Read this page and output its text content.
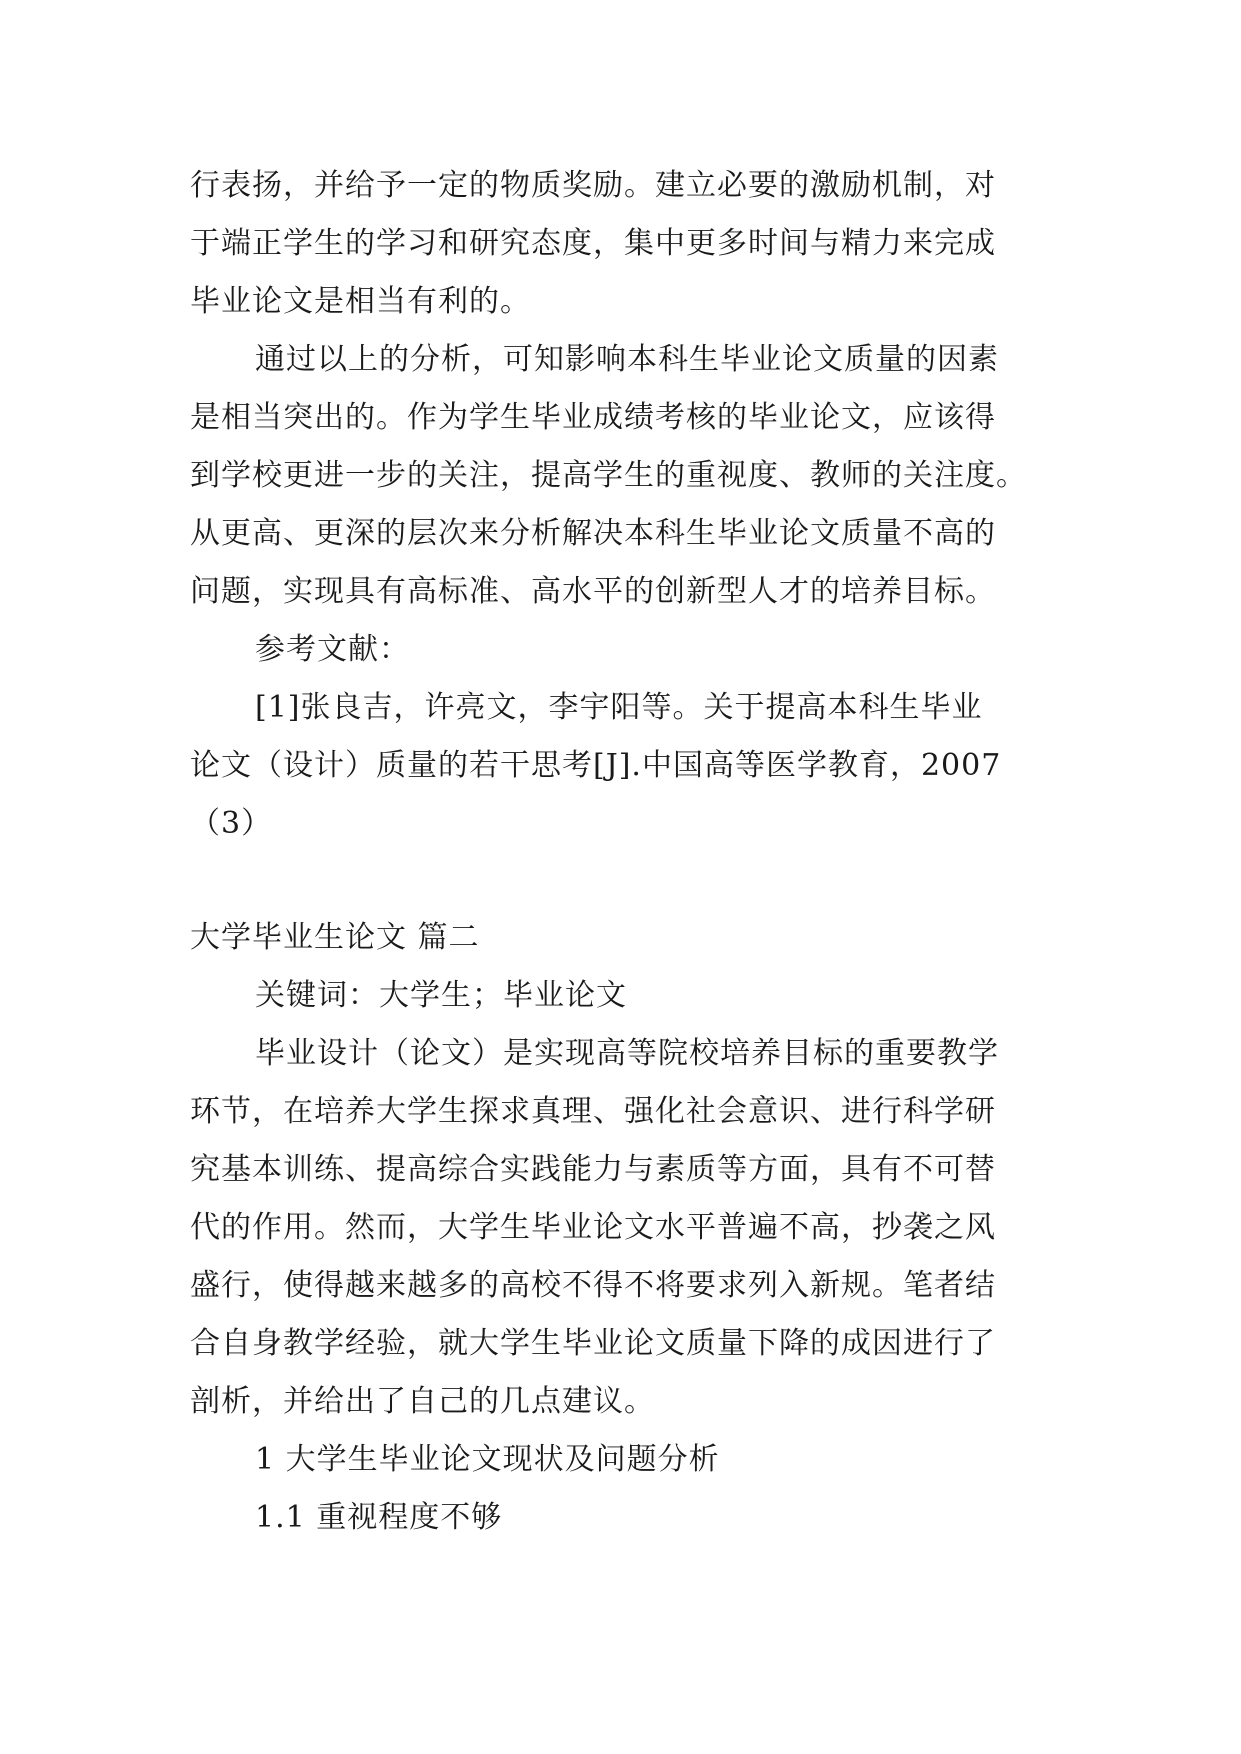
行表扬，并给予一定的物质奖励。建立必要的激励机制，对
于端正学生的学习和研究态度，集中更多时间与精力来完成
毕业论文是相当有利的。
通过以上的分析，可知影响本科生毕业论文质量的因素
是相当突出的。作为学生毕业成绩考核的毕业论文，应该得
到学校更进一步的关注，提高学生的重视度、教师的关注度。
从更高、更深的层次来分析解决本科生毕业论文质量不高的
问题，实现具有高标准、高水平的创新型人才的培养目标。
参考文献：
[1]张良吉，许亮文，李宇阳等。关于提高本科生毕业
论文（设计）质量的若干思考[J].中国高等医学教育，2007
（3）
大学毕业生论文 篇二
关键词：大学生；毕业论文
毕业设计（论文）是实现高等院校培养目标的重要教学
环节，在培养大学生探求真理、强化社会意识、进行科学研
究基本训练、提高综合实践能力与素质等方面，具有不可替
代的作用。然而，大学生毕业论文水平普遍不高，抄袭之风
盛行，使得越来越多的高校不得不将要求列入新规。笔者结
合自身教学经验，就大学生毕业论文质量下降的成因进行了
剖析，并给出了自己的几点建议。
1 大学生毕业论文现状及问题分析
1.1 重视程度不够
